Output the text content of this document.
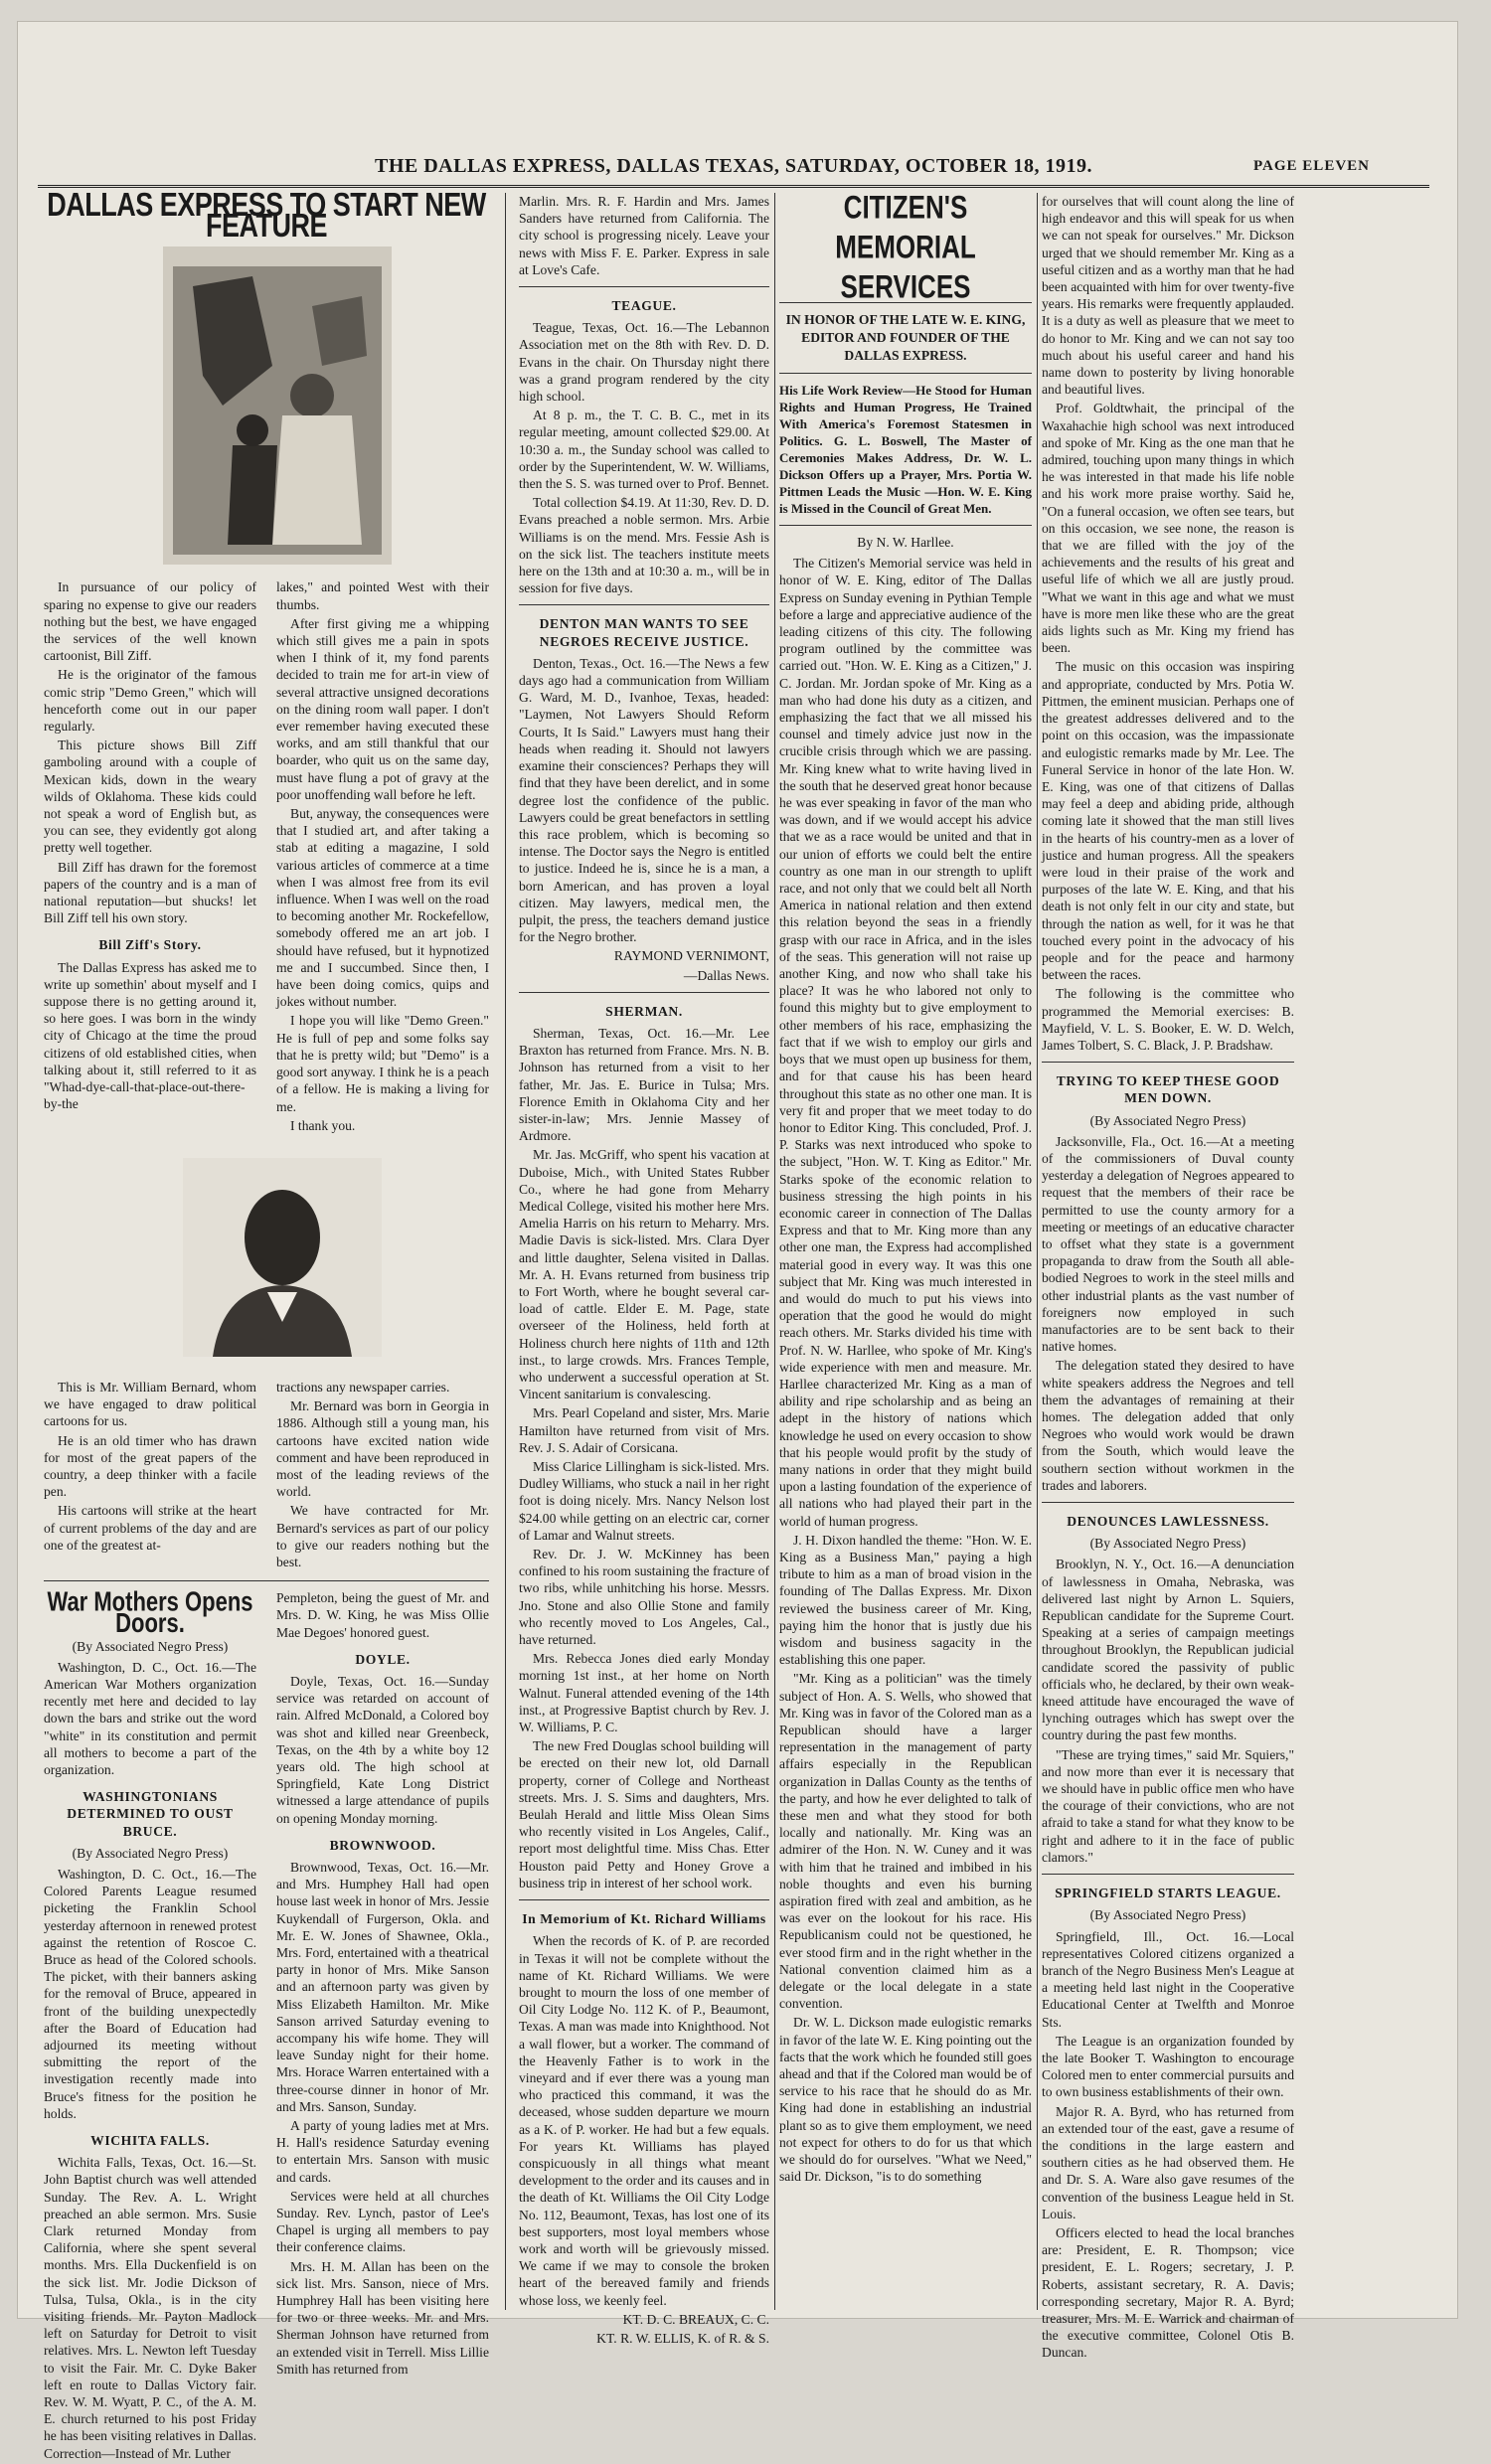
THE DALLAS EXPRESS, DALLAS TEXAS, SATURDAY, OCTOBER 18, 1919.	PAGE ELEVEN
DALLAS EXPRESS TO START NEW FEATURE

In pursuance of our policy of sparing no expense to give our readers nothing but the best, we have engaged the services of the well known cartoonist, Bill Ziff.

He is the originator of the famous comic strip "Demo Green," which will henceforth come out in our paper regularly.

This picture shows Bill Ziff gamboling around with a couple of Mexican kids, down in the weary wilds of Oklahoma. These kids could not speak a word of English but, as you can see, they evidently got along pretty well together.

Bill Ziff has drawn for the foremost papers of the country and is a man of national reputation—but shucks! let Bill Ziff tell his own story.

Bill Ziff's Story.

The Dallas Express has asked me to write up somethin' about myself and I suppose there is no getting around it, so here goes. I was born in the windy city of Chicago at the time the proud citizens of old established cities, when talking about it, still referred to it as "Whad-dye-call-that-place-out-there-by-the

lakes," and pointed West with their thumbs.

After first giving me a whipping which still gives me a pain in spots when I think of it, my fond parents decided to train me for art-in view of several attractive unsigned decorations on the dining room wall paper. I don't ever remember having executed these works, and am still thankful that our boarder, who quit us on the same day, must have flung a pot of gravy at the poor unoffending wall before he left.

But, anyway, the consequences were that I studied art, and after taking a stab at editing a magazine, I sold various articles of commerce at a time when I was almost free from its evil influence. When I was well on the road to becoming another Mr. Rockefellow, somebody offered me an art job. I should have refused, but it hypnotized me and I succumbed. Since then, I have been doing comics, quips and jokes without number.

I hope you will like "Demo Green." He is full of pep and some folks say that he is pretty wild; but "Demo" is a good sort anyway. I think he is a peach of a fellow. He is making a living for me.

I thank you.

This is Mr. William Bernard, whom we have engaged to draw political cartoons for us.

He is an old timer who has drawn for most of the great papers of the country, a deep thinker with a facile pen.

His cartoons will strike at the heart of current problems of the day and are one of the greatest at-

tractions any newspaper carries.

Mr. Bernard was born in Georgia in 1886. Although still a young man, his cartoons have excited nation wide comment and have been reproduced in most of the leading reviews of the world.

We have contracted for Mr. Bernard's services as part of our policy to give our readers nothing but the best.

War Mothers Opens Doors.

(By Associated Negro Press)

Washington, D. C., Oct. 16.—The American War Mothers organization recently met here and decided to lay down the bars and strike out the word "white" in its constitution and permit all mothers to become a part of the organization.

WASHINGTONIANS DETERMINED TO OUST BRUCE.

(By Associated Negro Press)

Washington, D. C. Oct., 16.—The Colored Parents League resumed picketing the Franklin School yesterday afternoon in renewed protest against the retention of Roscoe C. Bruce as head of the Colored schools. The picket, with their banners asking for the removal of Bruce, appeared in front of the building unexpectedly after the Board of Education had adjourned its meeting without submitting the report of the investigation recently made into Bruce's fitness for the position he holds.

WICHITA FALLS.

Wichita Falls, Texas, Oct. 16.—St. John Baptist church was well attended Sunday. The Rev. A. L. Wright preached an able sermon. Mrs. Susie Clark returned Monday from California, where she spent several months. Mrs. Ella Duckenfield is on the sick list. Mr. Jodie Dickson of Tulsa, Tulsa, Okla., is in the city visiting friends. Mr. Payton Madlock left on Saturday for Detroit to visit relatives. Mrs. L. Newton left Tuesday to visit the Fair. Mr. C. Dyke Baker left en route to Dallas Victory fair. Rev. W. M. Wyatt, P. C., of the A. M. E. church returned to his post Friday he has been visiting relatives in Dallas. Correction—Instead of Mr. Luther

Pempleton, being the guest of Mr. and Mrs. D. W. King, he was Miss Ollie Mae Degoes' honored guest.

DOYLE.

Doyle, Texas, Oct. 16.—Sunday service was retarded on account of rain. Alfred McDonald, a Colored boy was shot and killed near Greenbeck, Texas, on the 4th by a white boy 12 years old. The high school at Springfield, Kate Long District witnessed a large attendance of pupils on opening Monday morning.

BROWNWOOD.

Brownwood, Texas, Oct. 16.—Mr. and Mrs. Humphey Hall had open house last week in honor of Mrs. Jessie Kuykendall of Furgerson, Okla. and Mr. E. W. Jones of Shawnee, Okla., Mrs. Ford, entertained with a theatrical party in honor of Mrs. Mike Sanson and an afternoon party was given by Miss Elizabeth Hamilton. Mr. Mike Sanson arrived Saturday evening to accompany his wife home. They will leave Sunday night for their home. Mrs. Horace Warren entertained with a three-course dinner in honor of Mr. and Mrs. Sanson, Sunday.

A party of young ladies met at Mrs. H. Hall's residence Saturday evening to entertain Mrs. Sanson with music and cards.

Services were held at all churches Sunday. Rev. Lynch, pastor of Lee's Chapel is urging all members to pay their conference claims.

Mrs. H. M. Allan has been on the sick list. Mrs. Sanson, niece of Mrs. Humphrey Hall has been visiting here for two or three weeks. Mr. and Mrs. Sherman Johnson have returned from an extended visit in Terrell. Miss Lillie Smith has returned from

Marlin. Mrs. R. F. Hardin and Mrs. James Sanders have returned from California. The city school is progressing nicely. Leave your news with Miss F. E. Parker. Express in sale at Love's Cafe.

TEAGUE.

Teague, Texas, Oct. 16.—The Lebannon Association met on the 8th with Rev. D. D. Evans in the chair. On Thursday night there was a grand program rendered by the city high school.

At 8 p. m., the T. C. B. C., met in its regular meeting, amount collected $29.00. At 10:30 a. m., the Sunday school was called to order by the Superintendent, W. W. Williams, then the S. S. was turned over to Prof. Bennet.

Total collection $4.19. At 11:30, Rev. D. D. Evans preached a noble sermon. Mrs. Arbie Williams is on the mend. Mrs. Fessie Ash is on the sick list. The teachers institute meets here on the 13th and at 10:30 a. m., will be in session for five days.

DENTON MAN WANTS TO SEE NEGROES RECEIVE JUSTICE.

Denton, Texas., Oct. 16.—The News a few days ago had a communication from William G. Ward, M. D., Ivanhoe, Texas, headed: "Laymen, Not Lawyers Should Reform Courts, It Is Said." Lawyers must hang their heads when reading it. Should not lawyers examine their consciences? Perhaps they will find that they have been derelict, and in some degree lost the confidence of the public. Lawyers could be great benefactors in settling this race problem, which is becoming so intense. The Doctor says the Negro is entitled to justice. Indeed he is, since he is a man, a born American, and has proven a loyal citizen. May lawyers, medical men, the pulpit, the press, the teachers demand justice for the Negro brother.

RAYMOND VERNIMONT,

—Dallas News.

SHERMAN.

Sherman, Texas, Oct. 16.—Mr. Lee Braxton has returned from France. Mrs. N. B. Johnson has returned from a visit to her father, Mr. Jas. E. Burice in Tulsa; Mrs. Florence Emith in Oklahoma City and her sister-in-law; Mrs. Jennie Massey of Ardmore.

Mr. Jas. McGriff, who spent his vacation at Duboise, Mich., with United States Rubber Co., where he had gone from Meharry Medical College, visited his mother here Mrs. Amelia Harris on his return to Meharry. Mrs. Madie Davis is sick-listed. Mrs. Clara Dyer and little daughter, Selena visited in Dallas. Mr. A. H. Evans returned from business trip to Fort Worth, where he bought several car-load of cattle. Elder E. M. Page, state overseer of the Holiness, held forth at Holiness church here nights of 11th and 12th inst., to large crowds. Mrs. Frances Temple, who underwent a successful operation at St. Vincent sanitarium is convalescing.

Mrs. Pearl Copeland and sister, Mrs. Marie Hamilton have returned from visit of Mrs. Rev. J. S. Adair of Corsicana.

Miss Clarice Lillingham is sick-listed. Mrs. Dudley Williams, who stuck a nail in her right foot is doing nicely. Mrs. Nancy Nelson lost $24.00 while getting on an electric car, corner of Lamar and Walnut streets.

Rev. Dr. J. W. McKinney has been confined to his room sustaining the fracture of two ribs, while unhitching his horse. Messrs. Jno. Stone and also Ollie Stone and family who recently moved to Los Angeles, Cal., have returned.

Mrs. Rebecca Jones died early Monday morning 1st inst., at her home on North Walnut. Funeral attended evening of the 14th inst., at Progressive Baptist church by Rev. J. W. Williams, P. C.

The new Fred Douglas school building will be erected on their new lot, old Darnall property, corner of College and Northeast streets. Mrs. J. S. Sims and daughters, Mrs. Beulah Herald and little Miss Olean Sims who recently visited in Los Angeles, Calif., report most delightful time. Miss Chas. Etter Houston paid Petty and Honey Grove a business trip in interest of her school work.

In Memorium of Kt. Richard Williams

When the records of K. of P. are recorded in Texas it will not be complete without the name of Kt. Richard Williams. We were brought to mourn the loss of one member of Oil City Lodge No. 112 K. of P., Beaumont, Texas. A man was made into Knighthood. Not a wall flower, but a worker. The command of the Heavenly Father is to work in the vineyard and if ever there was a young man who practiced this command, it was the deceased, whose sudden departure we mourn as a K. of P. worker. He had but a few equals. For years Kt. Williams has played conspicuously in all things what meant development to the order and its causes and in the death of Kt. Williams the Oil City Lodge No. 112, Beaumont, Texas, has lost one of its best supporters, most loyal members whose work and worth will be grievously missed. We came if we may to console the broken heart of the bereaved family and friends whose loss, we keenly feel.

KT. D. C. BREAUX, C. C.

KT. R. W. ELLIS, K. of R. & S.

CITIZEN'S MEMORIAL SERVICES

IN HONOR OF THE LATE W. E. KING, EDITOR AND FOUNDER OF THE DALLAS EXPRESS.

His Life Work Review—He Stood for Human Rights and Human Progress, He Trained With America's Foremost Statesmen in Politics. G. L. Boswell, The Master of Ceremonies Makes Address, Dr. W. L. Dickson Offers up a Prayer, Mrs. Portia W. Pittmen Leads the Music —Hon. W. E. King is Missed in the Council of Great Men.

By N. W. Harllee.

The Citizen's Memorial service was held in honor of W. E. King, editor of The Dallas Express on Sunday evening in Pythian Temple before a large and appreciative audience of the leading citizens of this city. The following program outlined by the committee was carried out. "Hon. W. E. King as a Citizen," J. C. Jordan. Mr. Jordan spoke of Mr. King as a man who had done his duty as a citizen, and emphasizing the fact that we all missed his counsel and timely advice just now in the crucible crisis through which we are passing. Mr. King knew what to write having lived in the south that he deserved great honor because he was ever speaking in favor of the man who was down, and if we would accept his advice that we as a race would be united and that in our union of efforts we could belt the entire country as one man in our strength to uplift race, and not only that we could belt all North America in national relation and then extend this relation beyond the seas in a friendly grasp with our race in Africa, and in the isles of the seas. This generation will not raise up another King, and now who shall take his place? It was he who labored not only to found this mighty but to give employment to other members of his race, emphasizing the fact that if we wish to employ our girls and boys that we must open up business for them, and for that cause his has been heard throughout this state as no other one man. It is very fit and proper that we meet today to do honor to Editor King. This concluded, Prof. J. P. Starks was next introduced who spoke to the subject, "Hon. W. T. King as Editor." Mr. Starks spoke of the economic relation to business stressing the high points in his economic career in connection of The Dallas Express and that to Mr. King more than any other one man, the Express had accomplished material good in every way. It was this one subject that Mr. King was much interested in and would do much to put his views into operation that the good he would do might reach others. Mr. Starks divided his time with Prof. N. W. Harllee, who spoke of Mr. King's wide experience with men and measure. Mr. Harllee characterized Mr. King as a man of ability and ripe scholarship and as being an adept in the history of nations which knowledge he used on every occasion to show that his people would profit by the study of many nations in order that they might build upon a lasting foundation of the experience of all nations who had played their part in the world of human progress.

J. H. Dixon handled the theme: "Hon. W. E. King as a Business Man," paying a high tribute to him as a man of broad vision in the founding of The Dallas Express. Mr. Dixon reviewed the business career of Mr. King, paying him the honor that is justly due his wisdom and business sagacity in the establishing this one paper.

"Mr. King as a politician" was the timely subject of Hon. A. S. Wells, who showed that Mr. King was in favor of the Colored man as a Republican should have a larger representation in the management of party affairs especially in the Republican organization in Dallas County as the tenths of the party, and how he ever delighted to talk of these men and what they stood for both locally and nationally. Mr. King was an admirer of the Hon. N. W. Cuney and it was with him that he trained and imbibed in his noble thoughts and even his burning aspiration fired with zeal and ambition, as he was ever on the lookout for his race. His Republicanism could not be questioned, he ever stood firm and in the right whether in the National convention claimed him as a delegate or the local delegate in a state convention.

Dr. W. L. Dickson made eulogistic remarks in favor of the late W. E. King pointing out the facts that the work which he founded still goes ahead and that if the Colored man would be of service to his race that he should do as Mr. King had done in establishing an industrial plant so as to give them employment, we need not expect for others to do for us that which we should do for ourselves. "What we Need," said Dr. Dickson, "is to do something

for ourselves that will count along the line of high endeavor and this will speak for us when we can not speak for ourselves." Mr. Dickson urged that we should remember Mr. King as a useful citizen and as a worthy man that he had been acquainted with him for over twenty-five years. His remarks were frequently applauded. It is a duty as well as pleasure that we meet to do honor to Mr. King and we can not say too much about his useful career and hand his name down to posterity by living honorable and beautiful lives.

Prof. Goldtwhait, the principal of the Waxahachie high school was next introduced and spoke of Mr. King as the one man that he admired, touching upon many things in which he was interested in that made his life noble and his work more praise worthy. Said he, "On a funeral occasion, we often see tears, but on this occasion, we see none, the reason is that we are filled with the joy of the achievements and the results of his great and useful life of which we all are justly proud. "What we want in this age and what we must have is more men like these who are the great aids lights such as Mr. King my friend has been.

The music on this occasion was inspiring and appropriate, conducted by Mrs. Potia W. Pittmen, the eminent musician. Perhaps one of the greatest addresses delivered and to the point on this occasion, was the impassionate and eulogistic remarks made by Mr. Lee. The Funeral Service in honor of the late Hon. W. E. King, was one of that citizens of Dallas may feel a deep and abiding pride, although coming late it showed that the man still lives in the hearts of his country-men as a lover of justice and human progress. All the speakers were loud in their praise of the work and purposes of the late W. E. King, and that his death is not only felt in our city and state, but through the nation as well, for it was he that touched every point in the advocacy of his people and for the peace and harmony between the races.

The following is the committee who programmed the Memorial exercises: B. Mayfield, V. L. S. Booker, E. W. D. Welch, James Tolbert, S. C. Black, J. P. Bradshaw.

TRYING TO KEEP THESE GOOD MEN DOWN.

(By Associated Negro Press)

Jacksonville, Fla., Oct. 16.—At a meeting of the commissioners of Duval county yesterday a delegation of Negroes appeared to request that the members of their race be permitted to use the county armory for a meeting or meetings of an educative character to offset what they state is a government propaganda to draw from the South all able-bodied Negroes to work in the steel mills and other industrial plants as the vast number of foreigners now employed in such manufactories are to be sent back to their native homes.

The delegation stated they desired to have white speakers address the Negroes and tell them the advantages of remaining at their homes. The delegation added that only Negroes who would work would be drawn from the South, which would leave the southern section without workmen in the trades and laborers.

DENOUNCES LAWLESSNESS.

(By Associated Negro Press)

Brooklyn, N. Y., Oct. 16.—A denunciation of lawlessness in Omaha, Nebraska, was delivered last night by Arnon L. Squiers, Republican candidate for the Supreme Court. Speaking at a series of campaign meetings throughout Brooklyn, the Republican judicial candidate scored the passivity of public officials who, he declared, by their own weak-kneed attitude have encouraged the wave of lynching outrages which has swept over the country during the past few months.

"These are trying times," said Mr. Squiers," and now more than ever it is necessary that we should have in public office men who have the courage of their convictions, who are not afraid to take a stand for what they know to be right and adhere to it in the face of public clamors."

SPRINGFIELD STARTS LEAGUE.

(By Associated Negro Press)

Springfield, Ill., Oct. 16.—Local representatives Colored citizens organized a branch of the Negro Business Men's League at a meeting held last night in the Cooperative Educational Center at Twelfth and Monroe Sts.

The League is an organization founded by the late Booker T. Washington to encourage Colored men to enter commercial pursuits and to own business establishments of their own.

Major R. A. Byrd, who has returned from an extended tour of the east, gave a resume of the conditions in the large eastern and southern cities as he had observed them. He and Dr. S. A. Ware also gave resumes of the convention of the business League held in St. Louis.

Officers elected to head the local branches are: President, E. R. Thompson; vice president, E. L. Rogers; secretary, J. P. Roberts, assistant secretary, R. A. Davis; corresponding secretary, Major R. A. Byrd; treasurer, Mrs. M. E. Warrick and chairman of the executive committee, Colonel Otis B. Duncan.
